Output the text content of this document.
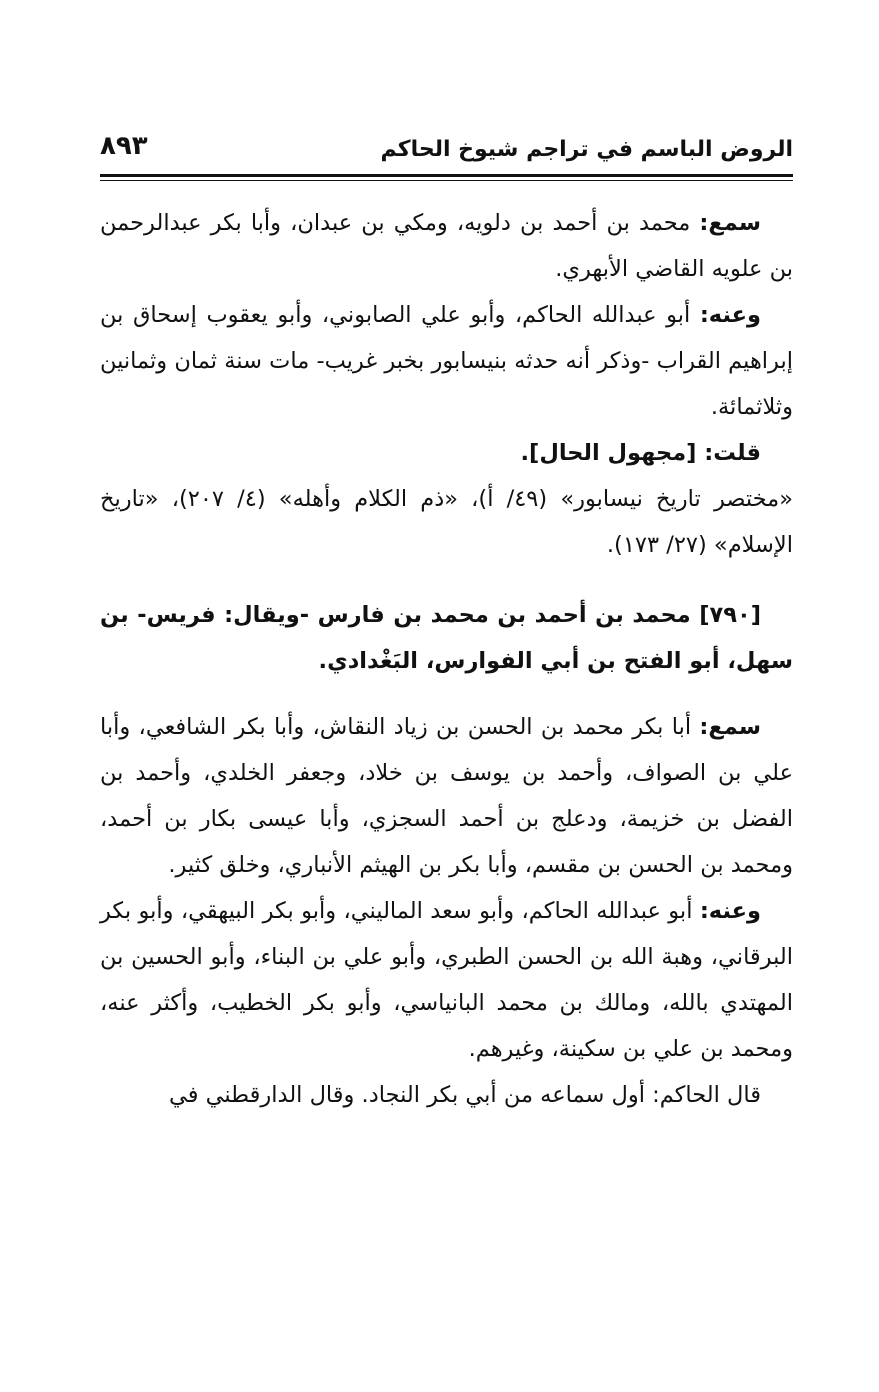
الروض الباسم في تراجم شيوخ الحاكم
٨٩٣

سمع: محمد بن أحمد بن دلويه، ومكي بن عبدان، وأبا بكر عبدالرحمن بن علويه القاضي الأبهري.

وعنه: أبو عبدالله الحاكم، وأبو علي الصابوني، وأبو يعقوب إسحاق بن إبراهيم القراب -وذكر أنه حدثه بنيسابور بخبر غريب- مات سنة ثمان وثمانين وثلاثمائة.

قلت: [مجهول الحال].

«مختصر تاريخ نيسابور» (٤٩/ أ)، «ذم الكلام وأهله» (٤/ ٢٠٧)، «تاريخ الإسلام» (٢٧/ ١٧٣).

[٧٩٠] محمد بن أحمد بن محمد بن فارس -ويقال: فريس- بن سهل، أبو الفتح بن أبي الفوارس، البَغْدادي.

سمع: أبا بكر محمد بن الحسن بن زياد النقاش، وأبا بكر الشافعي، وأبا علي بن الصواف، وأحمد بن يوسف بن خلاد، وجعفر الخلدي، وأحمد بن الفضل بن خزيمة، ودعلج بن أحمد السجزي، وأبا عيسى بكار بن أحمد، ومحمد بن الحسن بن مقسم، وأبا بكر بن الهيثم الأنباري، وخلق كثير.

وعنه: أبو عبدالله الحاكم، وأبو سعد الماليني، وأبو بكر البيهقي، وأبو بكر البرقاني، وهبة الله بن الحسن الطبري، وأبو علي بن البناء، وأبو الحسين بن المهتدي بالله، ومالك بن محمد البانياسي، وأبو بكر الخطيب، وأكثر عنه، ومحمد بن علي بن سكينة، وغيرهم.

قال الحاكم: أول سماعه من أبي بكر النجاد. وقال الدارقطني في
